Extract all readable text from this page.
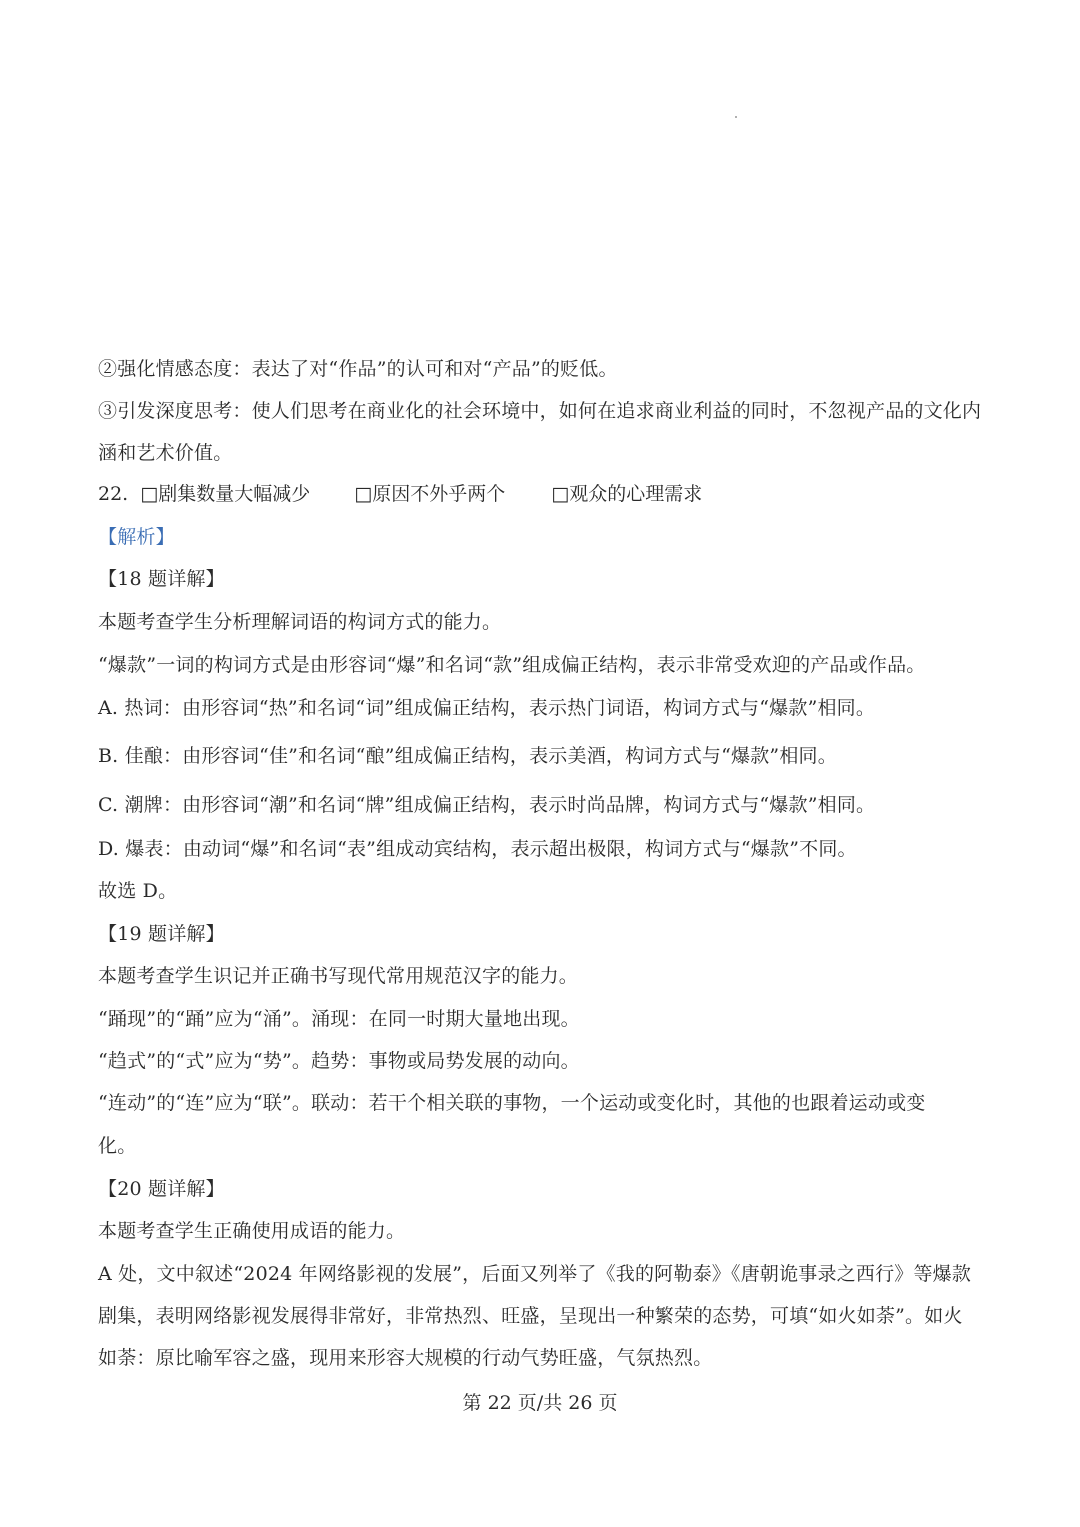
②强化情感态度：表达了对“作品”的认可和对“产品”的贬低。
③引发深度思考：使人们思考在商业化的社会环境中，如何在追求商业利益的同时，不忽视产品的文化内
涵和艺术价值。
22. □剧集数量大幅减少 □原因不外乎两个 □观众的心理需求
【解析】
【18 题详解】
本题考查学生分析理解词语的构词方式的能力。
“爆款”一词的构词方式是由形容词“爆”和名词“款”组成偏正结构，表示非常受欢迎的产品或作品。
A. 热词：由形容词“热”和名词“词”组成偏正结构，表示热门词语，构词方式与“爆款”相同。
B. 佳酿：由形容词“佳”和名词“酿”组成偏正结构，表示美酒，构词方式与“爆款”相同。
C. 潮牌：由形容词“潮”和名词“牌”组成偏正结构，表示时尚品牌，构词方式与“爆款”相同。
D. 爆表：由动词“爆”和名词“表”组成动宾结构，表示超出极限，构词方式与“爆款”不同。
故选 D。
【19 题详解】
本题考查学生识记并正确书写现代常用规范汉字的能力。
“踊现”的“踊”应为“涌”。涌现：在同一时期大量地出现。
“趋式”的“式”应为“势”。趋势：事物或局势发展的动向。
“连动”的“连”应为“联”。联动：若干个相关联的事物，一个运动或变化时，其他的也跟着运动或变
化。
【20 题详解】
本题考查学生正确使用成语的能力。
A 处，文中叙述“2024 年网络影视的发展”，后面又列举了《我的阿勒泰》《唐朝诡事录之西行》等爆款
剧集，表明网络影视发展得非常好，非常热烈、旺盛，呈现出一种繁荣的态势，可填“如火如荼”。如火
如荼：原比喻军容之盛，现用来形容大规模的行动气势旺盛，气氛热烈。
第 22 页/共 26 页
